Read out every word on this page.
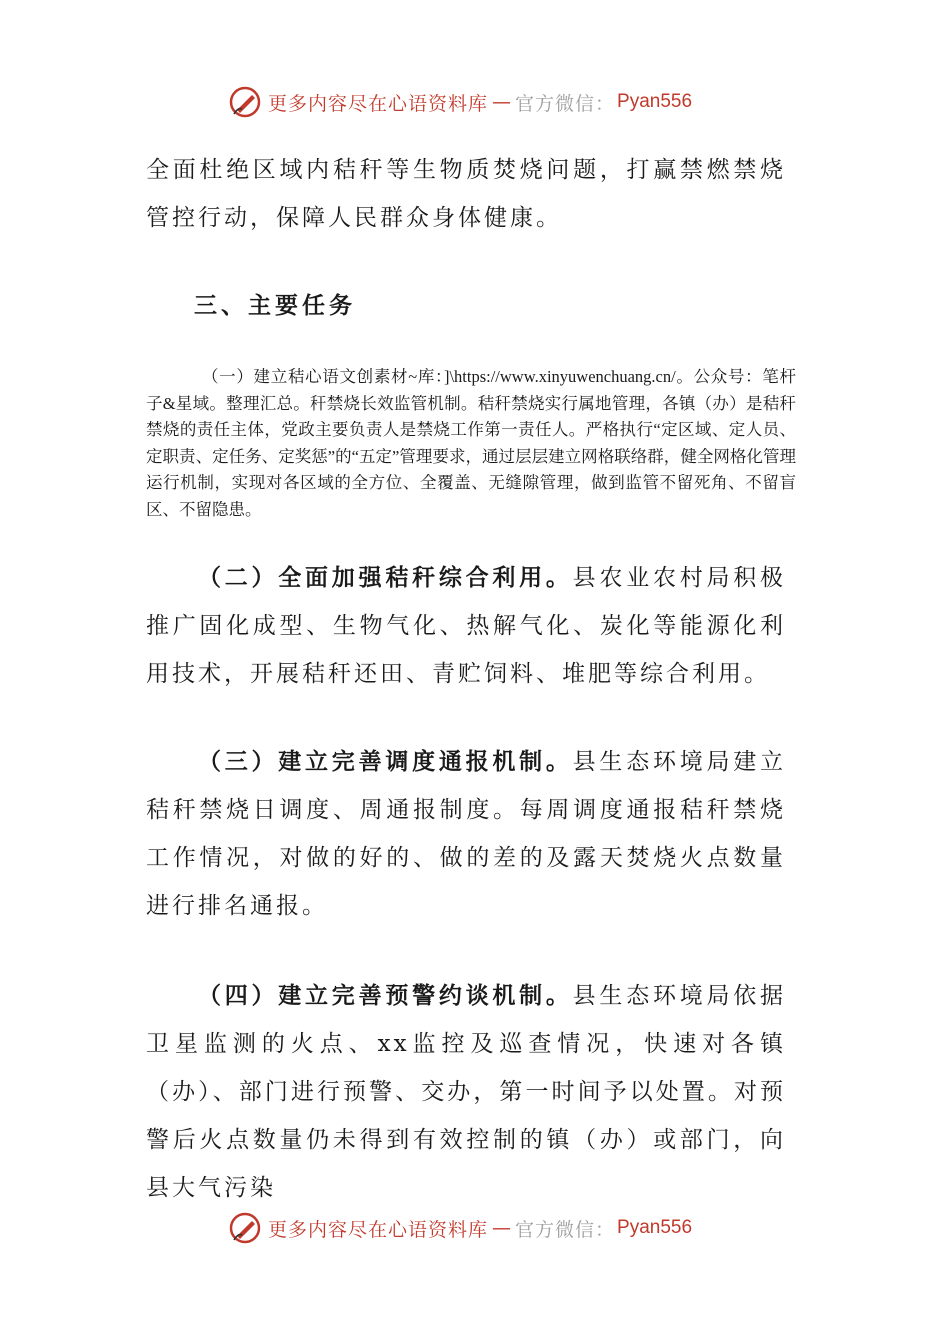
更多内容尽在心语资料库 — 官方微信： Pyan556
全面杜绝区域内秸秆等生物质焚烧问题，打赢禁燃禁烧管控行动，保障人民群众身体健康。
三、主要任务
（一）建立秸心语文创素材~库：]\https://www.xinyuwenchuang.cn/。公众号：笔杆子&星域。整理汇总。秆禁烧长效监管机制。秸秆禁烧实行属地管理，各镇（办）是秸秆禁烧的责任主体，党政主要负责人是禁烧工作第一责任人。严格执行“定区域、定人员、定职责、定任务、定奖惩”的“五定”管理要求，通过层层建立网格联络群，健全网格化管理运行机制，实现对各区域的全方位、全覆盖、无缝隙管理，做到监管不留死角、不留盲区、不留隐患。
（二）全面加强秸秆综合利用。县农业农村局积极推广固化成型、生物气化、热解气化、炭化等能源化利用技术，开展秸秆还田、青贮饲料、堆肥等综合利用。
（三）建立完善调度通报机制。县生态环境局建立秸秆禁烧日调度、周通报制度。每周调度通报秸秆禁烧工作情况，对做的好的、做的差的及露天焚烧火点数量进行排名通报。
（四）建立完善预警约谈机制。县生态环境局依据卫星监测的火点、xx监控及巡查情况，快速对各镇（办）、部门进行预警、交办，第一时间予以处置。对预警后火点数量仍未得到有效控制的镇（办）或部门，向县大气污染
更多内容尽在心语资料库 — 官方微信： Pyan556
